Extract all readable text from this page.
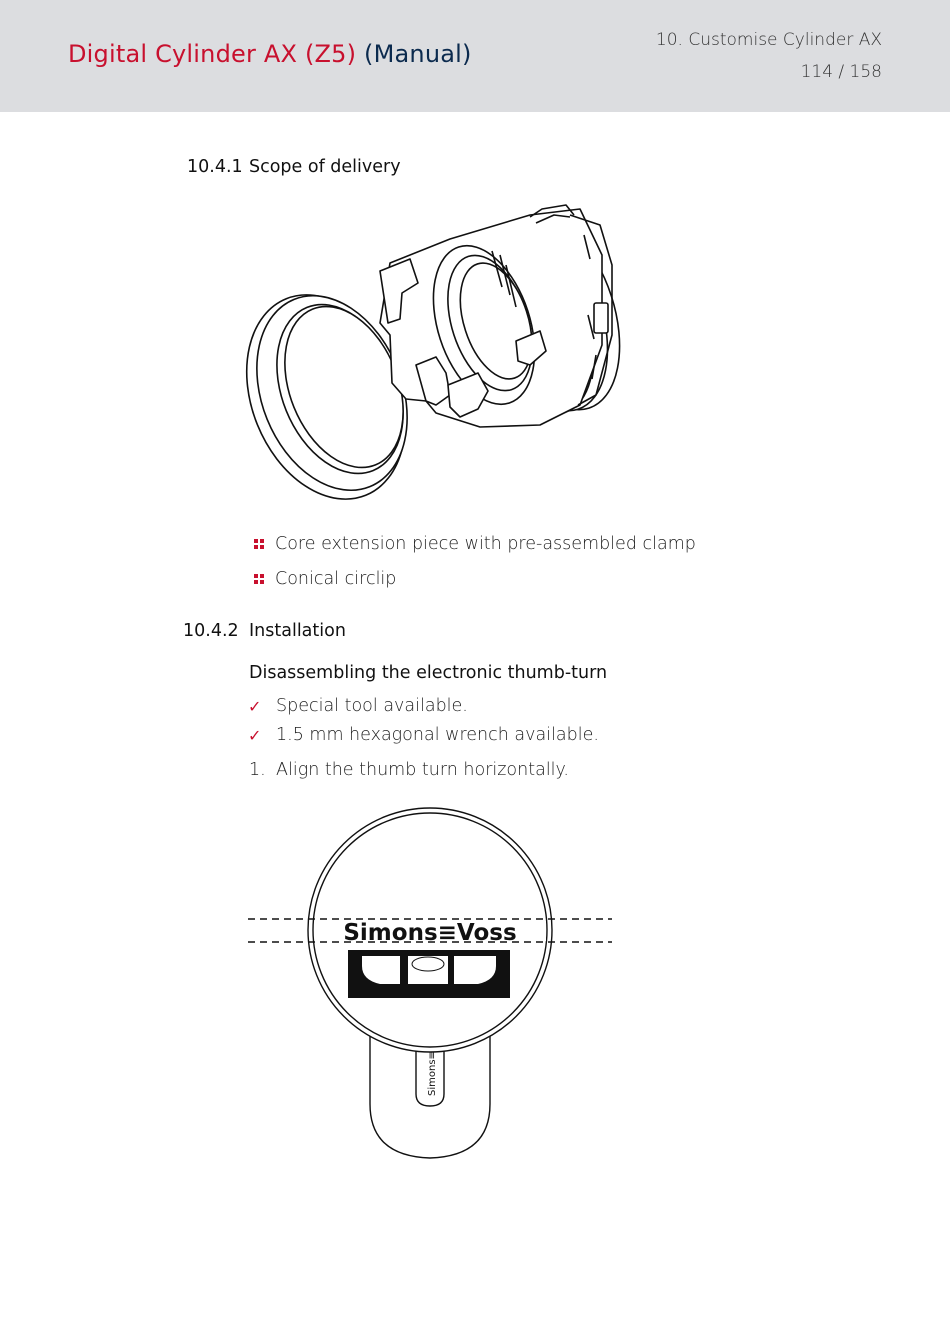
Digital Cylinder AX (Z5) (Manual)	10. Customise Cylinder AX
114 / 158
10.4.1 Scope of delivery
Core extension piece with pre-assembled clamp
Conical circlip
10.4.2 Installation
Disassembling the electronic thumb-turn
✓ Special tool available.
✓ 1.5 mm hexagonal wrench available.
1. Align the thumb turn horizontally.
Simons≡Voss
Simons≡
